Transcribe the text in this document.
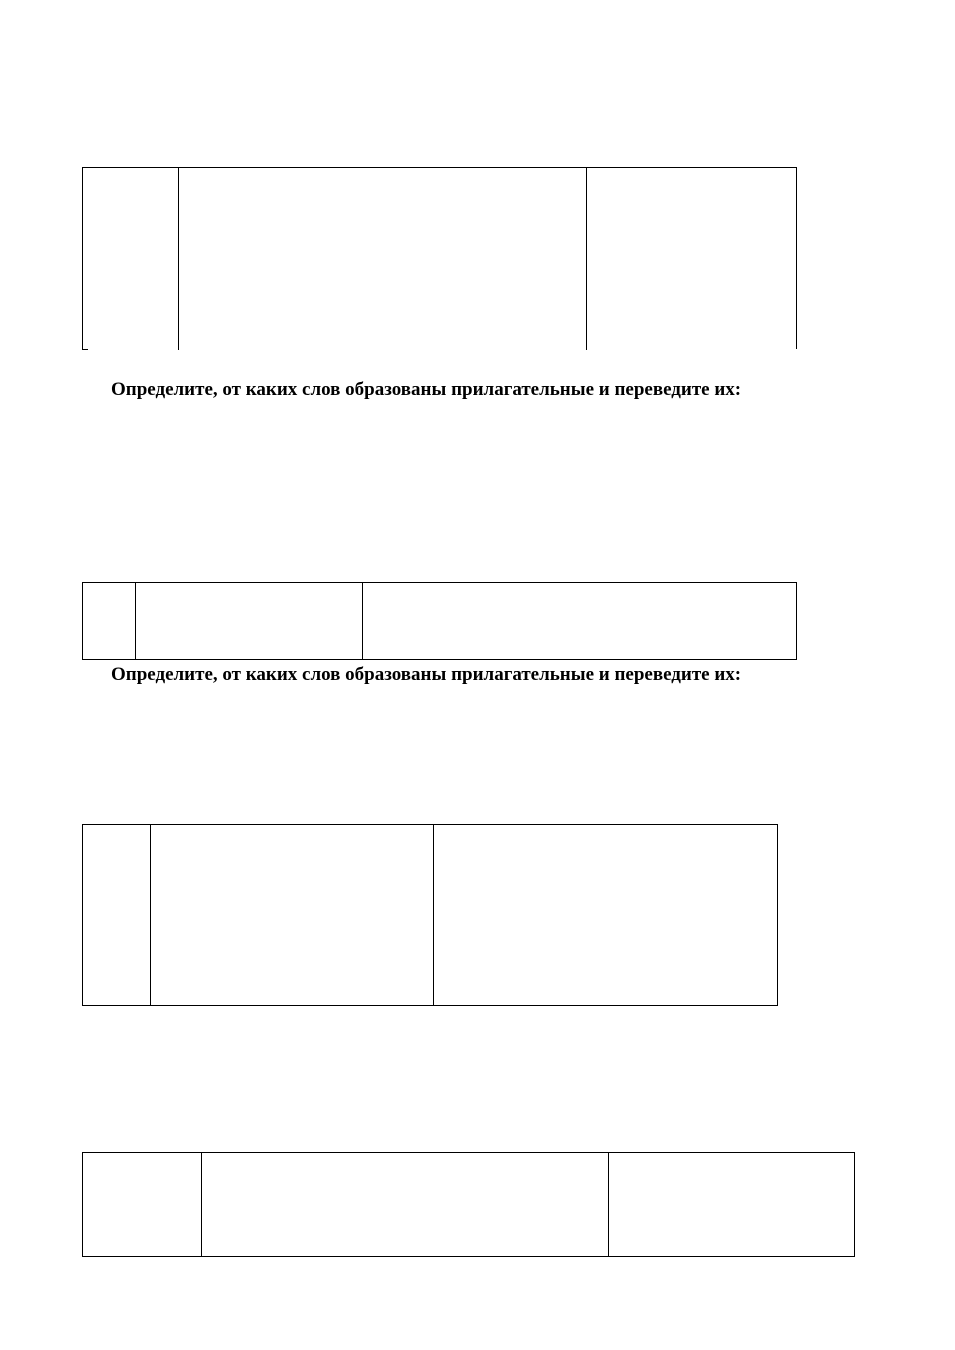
Определите, от каких слов образованы прилагательные и переведите их:
Определите, от каких слов образованы прилагательные и переведите их:
